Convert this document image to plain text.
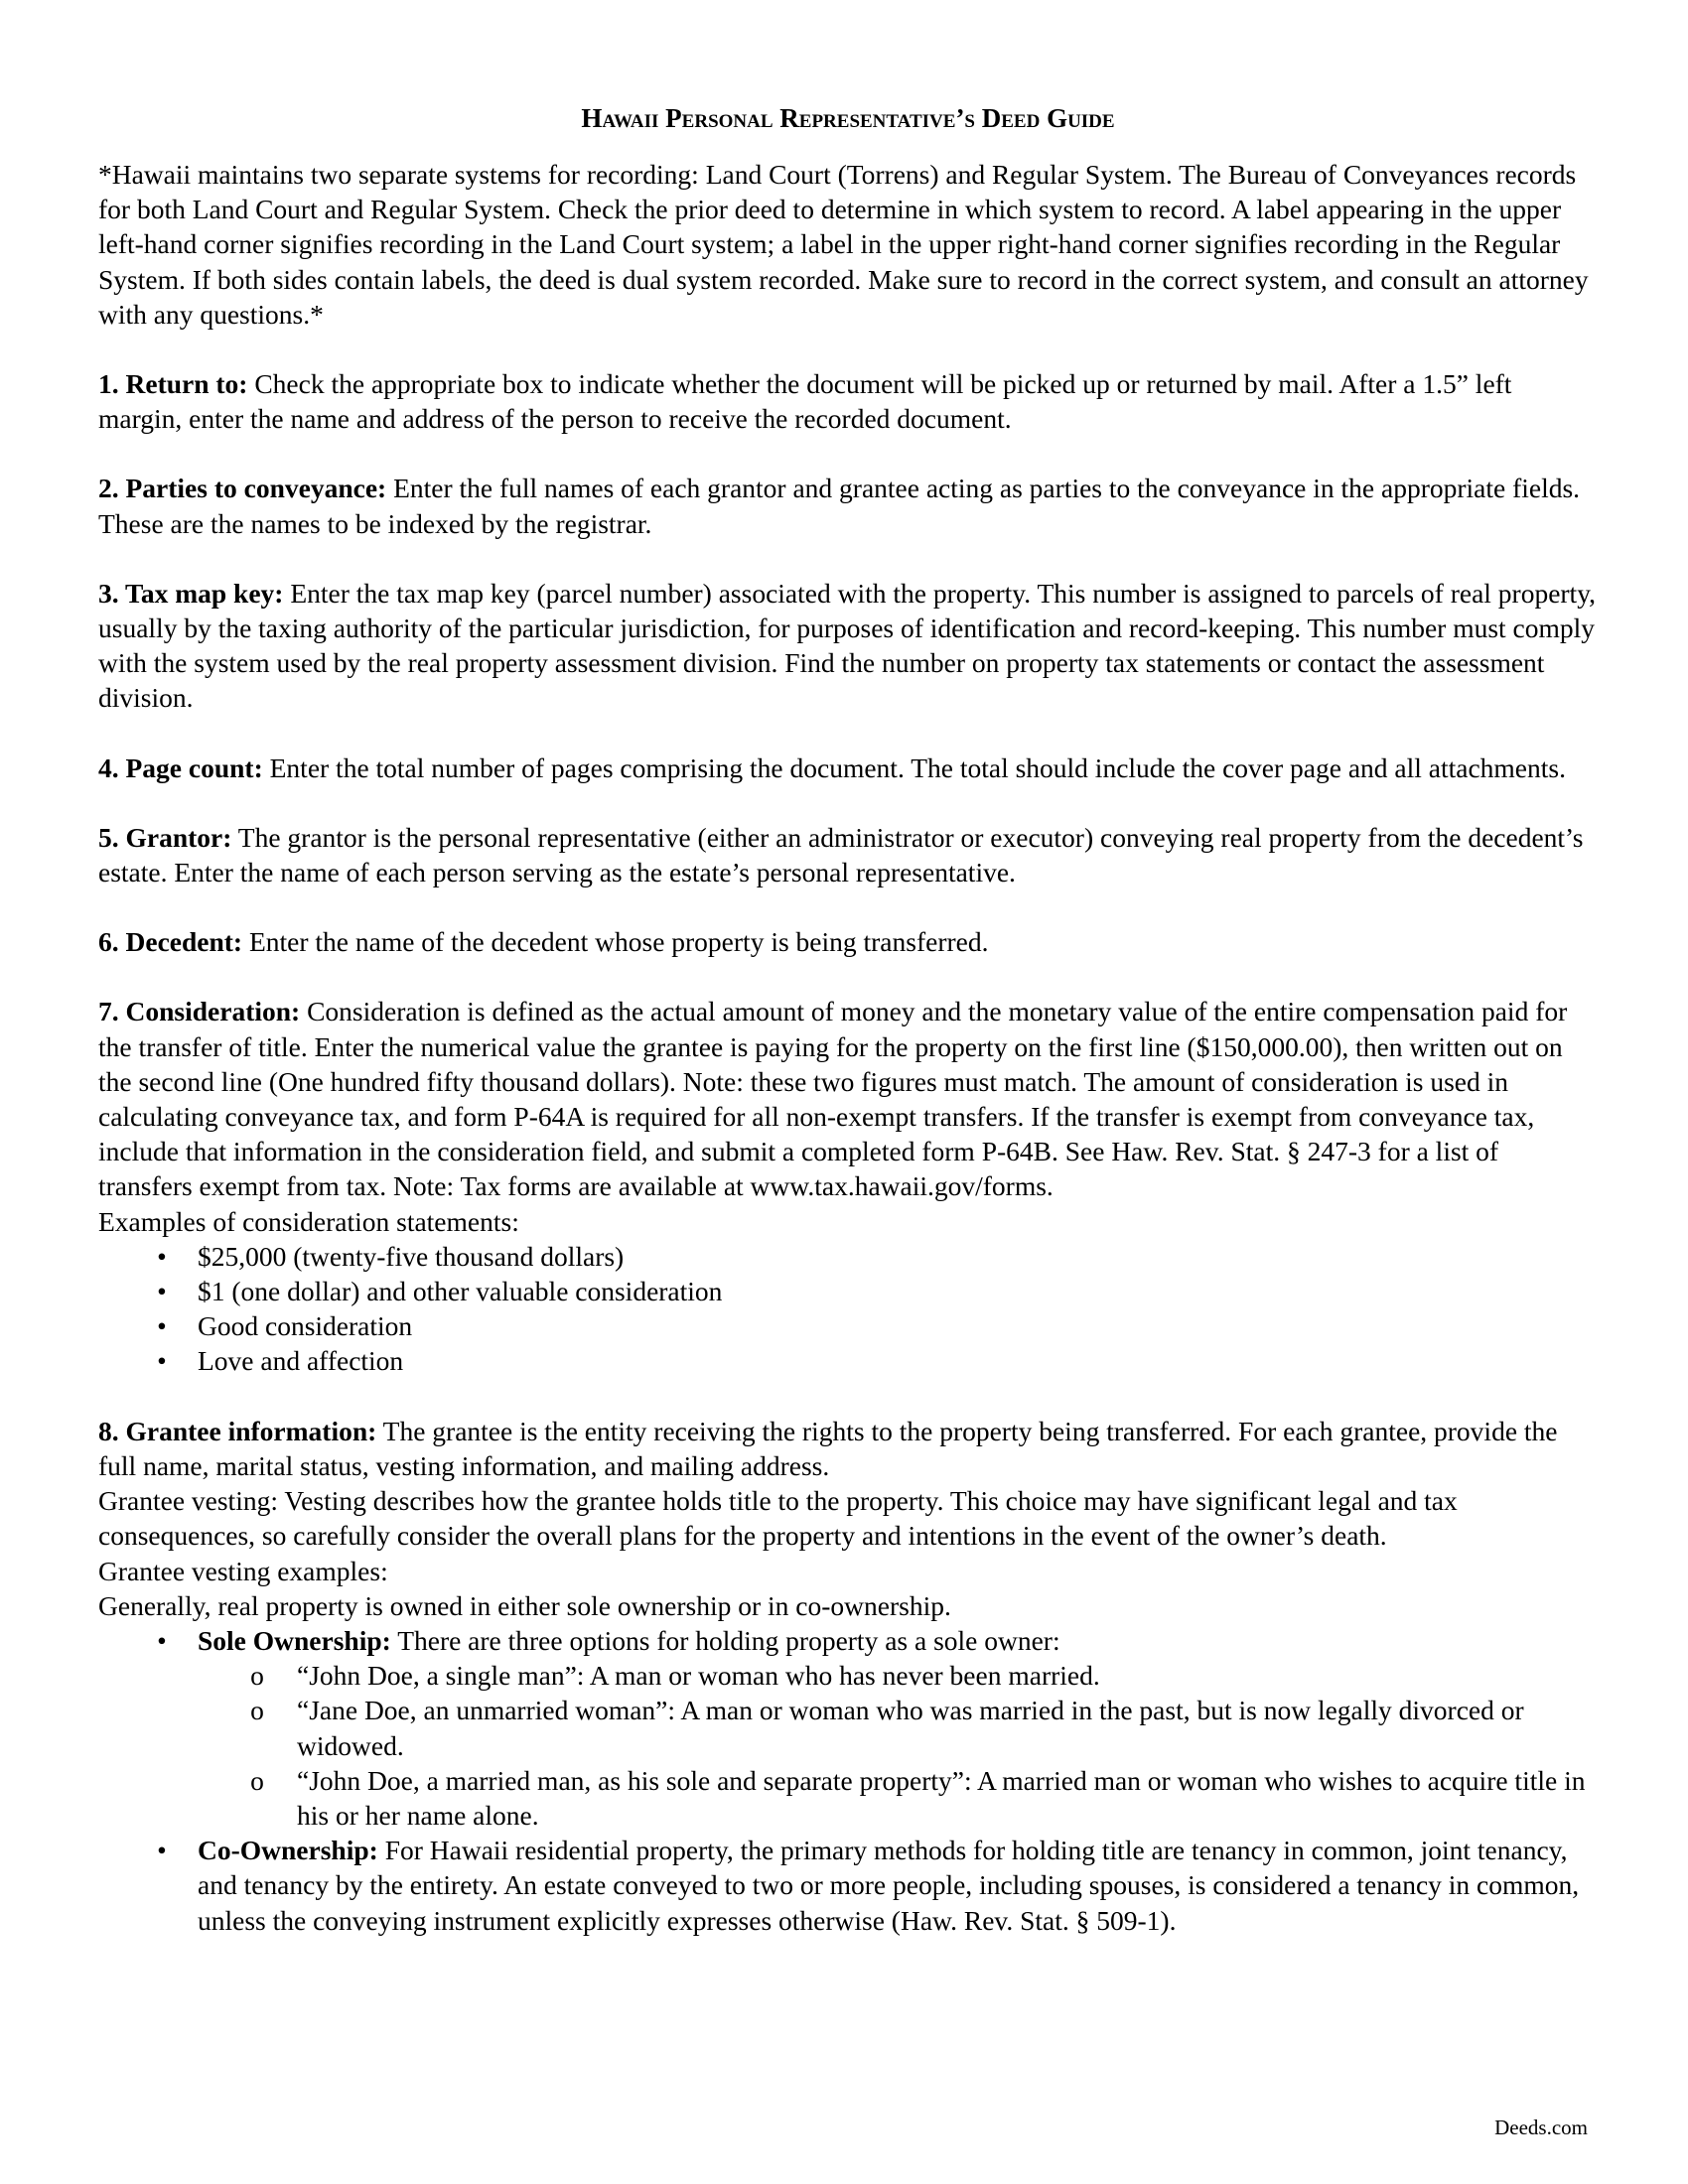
Hawaii Personal Representative’s Deed Guide

*Hawaii maintains two separate systems for recording: Land Court (Torrens) and Regular System. The Bureau of Conveyances records for both Land Court and Regular System. Check the prior deed to determine in which system to record. A label appearing in the upper left-hand corner signifies recording in the Land Court system; a label in the upper right-hand corner signifies recording in the Regular System. If both sides contain labels, the deed is dual system recorded. Make sure to record in the correct system, and consult an attorney with any questions.*

1. Return to: Check the appropriate box to indicate whether the document will be picked up or returned by mail. After a 1.5” left margin, enter the name and address of the person to receive the recorded document.

2. Parties to conveyance: Enter the full names of each grantor and grantee acting as parties to the conveyance in the appropriate fields. These are the names to be indexed by the registrar.

3. Tax map key: Enter the tax map key (parcel number) associated with the property. This number is assigned to parcels of real property, usually by the taxing authority of the particular jurisdiction, for purposes of identification and record-keeping. This number must comply with the system used by the real property assessment division. Find the number on property tax statements or contact the assessment division.

4. Page count: Enter the total number of pages comprising the document. The total should include the cover page and all attachments.

5. Grantor: The grantor is the personal representative (either an administrator or executor) conveying real property from the decedent’s estate. Enter the name of each person serving as the estate’s personal representative.

6. Decedent: Enter the name of the decedent whose property is being transferred.

7. Consideration: Consideration is defined as the actual amount of money and the monetary value of the entire compensation paid for the transfer of title. Enter the numerical value the grantee is paying for the property on the first line ($150,000.00), then written out on the second line (One hundred fifty thousand dollars). Note: these two figures must match. The amount of consideration is used in calculating conveyance tax, and form P-64A is required for all non-exempt transfers. If the transfer is exempt from conveyance tax, include that information in the consideration field, and submit a completed form P-64B. See Haw. Rev. Stat. § 247-3 for a list of transfers exempt from tax. Note: Tax forms are available at www.tax.hawaii.gov/forms.

Examples of consideration statements:

• $25,000 (twenty-five thousand dollars)
• $1 (one dollar) and other valuable consideration
• Good consideration
• Love and affection

8. Grantee information: The grantee is the entity receiving the rights to the property being transferred. For each grantee, provide the full name, marital status, vesting information, and mailing address.

Grantee vesting: Vesting describes how the grantee holds title to the property. This choice may have significant legal and tax consequences, so carefully consider the overall plans for the property and intentions in the event of the owner’s death.

Grantee vesting examples:

Generally, real property is owned in either sole ownership or in co-ownership.

• Sole Ownership: There are three options for holding property as a sole owner:
o “John Doe, a single man”: A man or woman who has never been married.
o “Jane Doe, an unmarried woman”: A man or woman who was married in the past, but is now legally divorced or widowed.
o “John Doe, a married man, as his sole and separate property”: A married man or woman who wishes to acquire title in his or her name alone.
• Co-Ownership: For Hawaii residential property, the primary methods for holding title are tenancy in common, joint tenancy, and tenancy by the entirety. An estate conveyed to two or more people, including spouses, is considered a tenancy in common, unless the conveying instrument explicitly expresses otherwise (Haw. Rev. Stat. § 509-1).
Deeds.com
